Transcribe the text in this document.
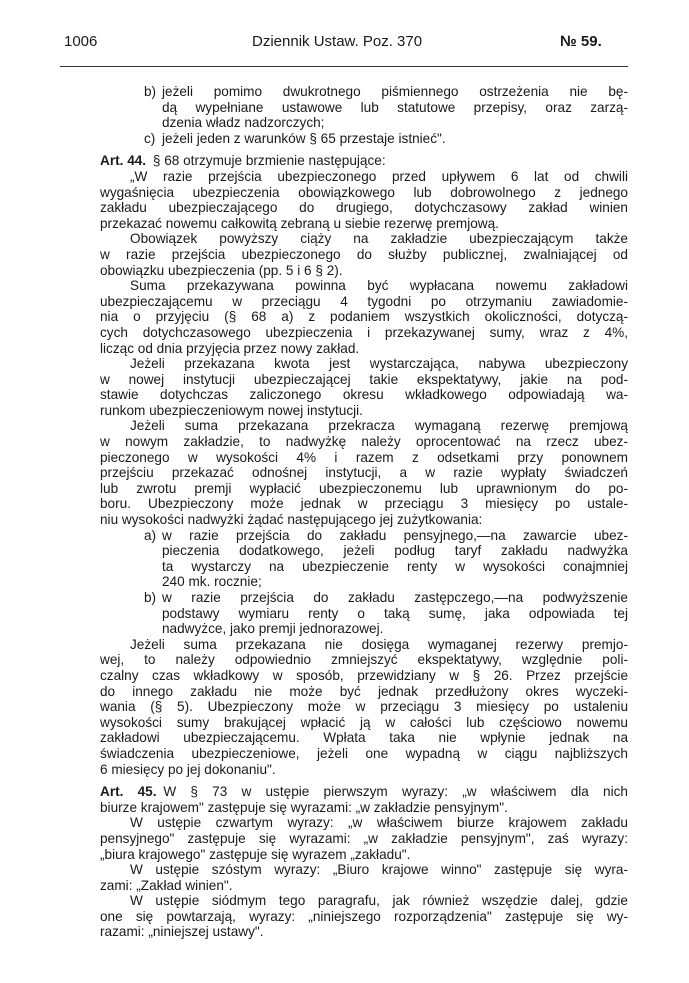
1006	Dziennik Ustaw. Poz. 370	№ 59.
b) jeżeli pomimo dwukrotnego piśmiennego ostrzeżenia nie bę-
dą wypełniane ustawowe lub statutowe przepisy, oraz zarzą-
dzenia władz nadzorczych;
c) jeżeli jeden z warunków § 65 przestaje istnieć".
Art. 44.  § 68 otrzymuje brzmienie następujące:
„W razie przejścia ubezpieczonego przed upływem 6 lat od chwili
wygaśnięcia ubezpieczenia obowiązkowego lub dobrowolnego z jednego
zakładu ubezpieczającego do drugiego, dotychczasowy zakład winien
przekazać nowemu całkowitą zebraną u siebie rezerwę premjową.
Obowiązek powyższy ciąży na zakładzie ubezpieczającym także
w razie przejścia ubezpieczonego do służby publicznej, zwalniającej od
obowiązku ubezpieczenia (pp. 5 i 6 § 2).
Suma przekazywana powinna być wypłacana nowemu zakładowi
ubezpieczającemu w przeciągu 4 tygodni po otrzymaniu zawiadomie-
nia o przyjęciu (§ 68 a) z podaniem wszystkich okoliczności, dotyczą-
cych dotychczasowego ubezpieczenia i przekazywanej sumy, wraz z 4%,
licząc od dnia przyjęcia przez nowy zakład.
Jeżeli przekazana kwota jest wystarczająca, nabywa ubezpieczony
w nowej instytucji ubezpieczającej takie ekspektatywy, jakie na pod-
stawie dotychczas zaliczonego okresu wkładkowego odpowiadają wa-
runkom ubezpieczeniowym nowej instytucji.
Jeżeli suma przekazana przekracza wymaganą rezerwę premjową
w nowym zakładzie, to nadwyżkę należy oprocentować na rzecz ubez-
pieczonego w wysokości 4% i razem z odsetkami przy ponownem
przejściu przekazać odnośnej instytucji, a w razie wypłaty świadczeń
lub zwrotu premji wypłacić ubezpieczonemu lub uprawnionym do po-
boru. Ubezpieczony może jednak w przeciągu 3 miesięcy po ustale-
niu wysokości nadwyżki żądać następującego jej zużytkowania:
a) w razie przejścia do zakładu pensyjnego,—na zawarcie ubez-
pieczenia dodatkowego, jeżeli podług taryf zakładu nadwyżka
ta wystarczy na ubezpieczenie renty w wysokości conajmniej
240 mk. rocznie;
b) w razie przejścia do zakładu zastępczego,—na podwyższenie
podstawy wymiaru renty o taką sumę, jaka odpowiada tej
nadwyżce, jako premji jednorazowej.
Jeżeli suma przekazana nie dosięga wymaganej rezerwy premjo-
wej, to należy odpowiednio zmniejszyć ekspektatywy, względnie poli-
czalny czas wkładkowy w sposób, przewidziany w § 26. Przez przejście
do innego zakładu nie może być jednak przedłużony okres wyczeki-
wania (§ 5). Ubezpieczony może w przeciągu 3 miesięcy po ustaleniu
wysokości sumy brakującej wpłacić ją w całości lub częściowo nowemu
zakładowi ubezpieczającemu. Wpłata taka nie wpłynie jednak na
świadczenia ubezpieczeniowe, jeżeli one wypadną w ciągu najbliższych
6 miesięcy po jej dokonaniu".
Art. 45.  W § 73 w ustępie pierwszym wyrazy: „w właściwem dla nich
biurze krajowem" zastępuje się wyrazami: „w zakładzie pensyjnym".
W ustępie czwartym wyrazy: „w właściwem biurze krajowem zakładu
pensyjnego" zastępuje się wyrazami: „w zakładzie pensyjnym", zaś wyrazy:
„biura krajowego" zastępuje się wyrazem „zakładu".
W ustępie szóstym wyrazy: „Biuro krajowe winno" zastępuje się wyra-
zami: „Zakład winien".
W ustępie siódmym tego paragrafu, jak również wszędzie dalej, gdzie
one się powtarzają, wyrazy: „niniejszego rozporządzenia" zastępuje się wy-
razami: „niniejszej ustawy".
